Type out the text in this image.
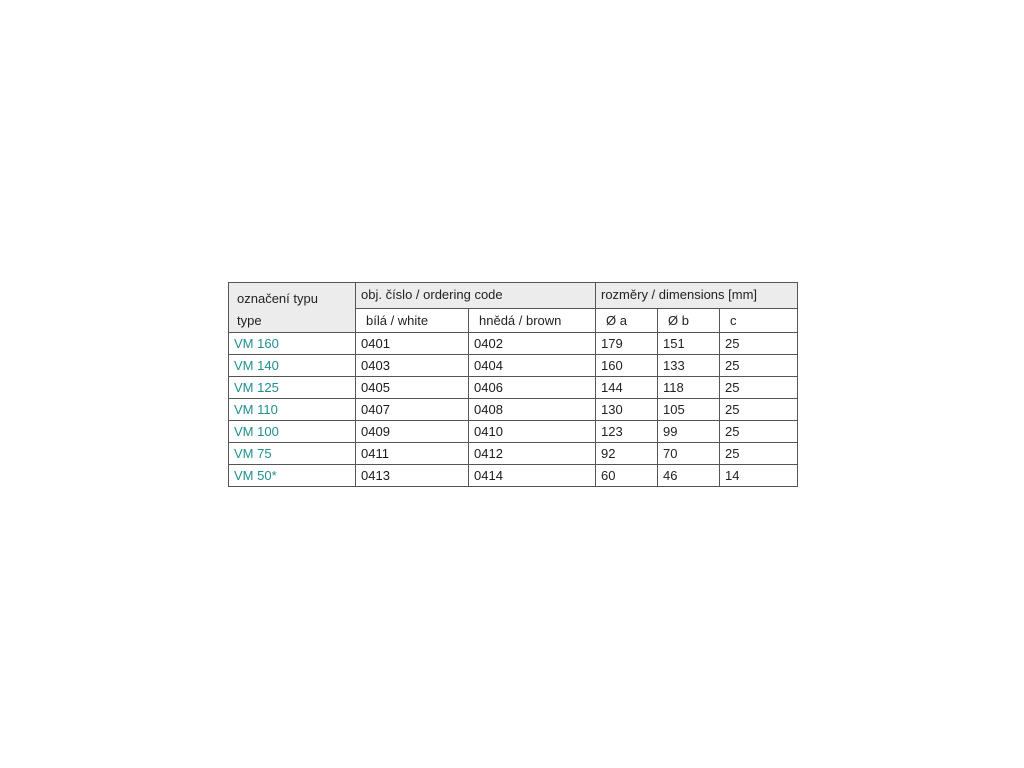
označení typu
type	obj. číslo / ordering code		rozměry / dimensions [mm]		
	bílá / white	hnědá / brown	Ø a	Ø b	c
VM 160	0401	0402	179	151	25
VM 140	0403	0404	160	133	25
VM 125	0405	0406	144	118	25
VM 110	0407	0408	130	105	25
VM 100	0409	0410	123	99	25
VM 75	0411	0412	92	70	25
VM 50*	0413	0414	60	46	14
